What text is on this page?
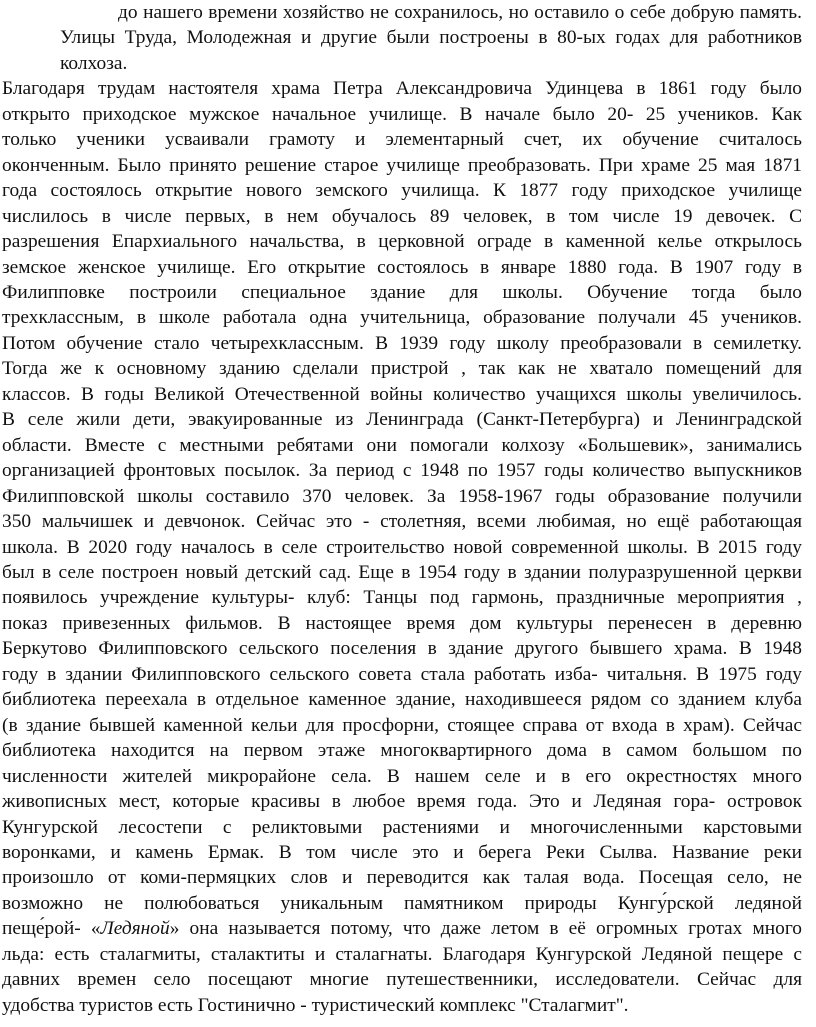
до нашего времени хозяйство не сохранилось, но оставило о себе добрую память.
Улицы Труда, Молодежная и другие были построены в 80-ых годах для работников
колхоза.
Благодаря трудам настоятеля храма Петра Александровича Удинцева в 1861 году было
открыто приходское мужское начальное училище. В начале было 20- 25 учеников. Как
только ученики усваивали грамоту и элементарный счет, их обучение считалось
оконченным. Было принято решение старое училище преобразовать. При храме 25 мая 1871
года состоялось открытие нового земского училища. К 1877 году приходское училище
числилось в числе первых, в нем обучалось 89 человек, в том числе 19 девочек. С
разрешения Епархиального начальства, в церковной ограде в каменной келье открылось
земское женское училище. Его открытие состоялось в январе 1880 года. В 1907 году в
Филипповке построили специальное здание для школы. Обучение тогда было
трехклассным, в школе работала одна учительница, образование получали 45 учеников.
Потом обучение стало четырехклассным. В 1939 году школу преобразовали в семилетку.
Тогда же к основному зданию сделали пристрой , так как не хватало помещений для
классов. В годы Великой Отечественной войны количество учащихся школы увеличилось.
В селе жили дети, эвакуированные из Ленинграда (Санкт-Петербурга) и Ленинградской
области. Вместе с местными ребятами они помогали колхозу «Большевик», занимались
организацией фронтовых посылок. За период с 1948 по 1957 годы количество выпускников
Филипповской школы составило 370 человек. За 1958-1967 годы образование получили
350 мальчишек и девчонок. Сейчас это - столетняя, всеми любимая, но ещё работающая
школа. В 2020 году началось в селе строительство новой современной школы. В 2015 году
был в селе построен новый детский сад. Еще в 1954 году в здании полуразрушенной церкви
появилось учреждение культуры- клуб: Танцы под гармонь, праздничные мероприятия ,
показ привезенных фильмов. В настоящее время дом культуры перенесен в деревню
Беркутово Филипповского сельского поселения в здание другого бывшего храма. В 1948
году в здании Филипповского сельского совета стала работать изба- читальня. В 1975 году
библиотека переехала в отдельное каменное здание, находившееся рядом со зданием клуба
(в здание бывшей каменной кельи для просфорни, стоящее справа от входа в храм). Сейчас
библиотека находится на первом этаже многоквартирного дома в самом большом по
численности жителей микрорайоне села. В нашем селе и в его окрестностях много
живописных мест, которые красивы в любое время года. Это и Ледяная гора- островок
Кунгурской лесостепи с реликтовыми растениями и многочисленными карстовыми
воронками, и камень Ермак. В том числе это и берега Реки Сылва. Название реки
произошло от коми-пермяцких слов и переводится как талая вода. Посещая село, не
возможно не полюбоваться уникальным памятником природы Кунгу́рской ледяной
пеще́рой- «Ледяной» она называется потому, что даже летом в её огромных гротах много
льда: есть сталагмиты, сталактиты и сталагнаты. Благодаря Кунгурской Ледяной пещере с
давних времен село посещают многие путешественники, исследователи. Сейчас для
удобства туристов есть Гостинично - туристический комплекс "Сталагмит".
